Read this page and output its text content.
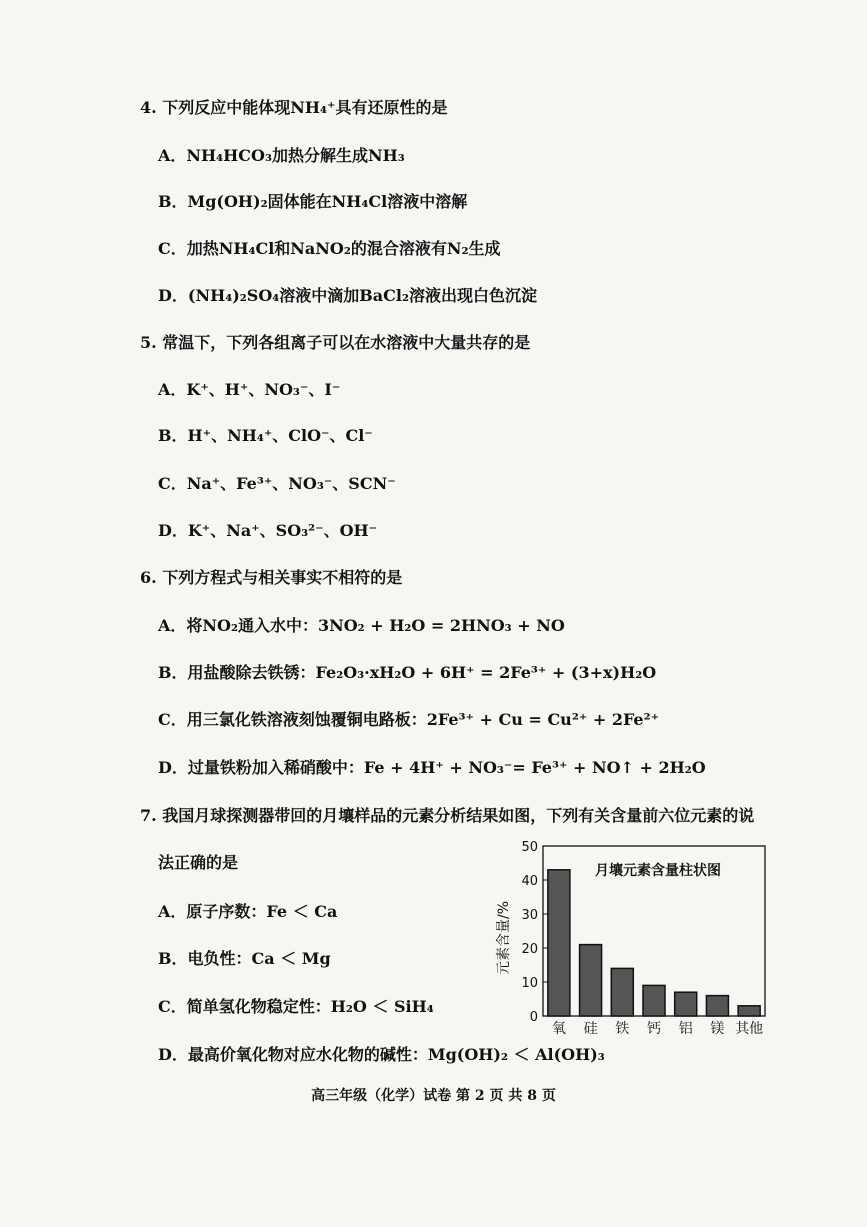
4. 下列反应中能体现NH₄⁺具有还原性的是
A．NH₄HCO₃加热分解生成NH₃
B．Mg(OH)₂固体能在NH₄Cl溶液中溶解
C．加热NH₄Cl和NaNO₂的混合溶液有N₂生成
D．(NH₄)₂SO₄溶液中滴加BaCl₂溶液出现白色沉淀
5. 常温下，下列各组离子可以在水溶液中大量共存的是
A．K⁺、H⁺、NO₃⁻、I⁻
B．H⁺、NH₄⁺、ClO⁻、Cl⁻
C．Na⁺、Fe³⁺、NO₃⁻、SCN⁻
D．K⁺、Na⁺、SO₃²⁻、OH⁻
6. 下列方程式与相关事实不相符的是
A．将NO₂通入水中：3NO₂ + H₂O = 2HNO₃ + NO
B．用盐酸除去铁锈：Fe₂O₃·xH₂O + 6H⁺ = 2Fe³⁺ + (3+x)H₂O
C．用三氯化铁溶液刻蚀覆铜电路板：2Fe³⁺ + Cu = Cu²⁺ + 2Fe²⁺
D．过量铁粉加入稀硝酸中：Fe + 4H⁺ + NO₃⁻= Fe³⁺ + NO↑ + 2H₂O
7. 我国月球探测器带回的月壤样品的元素分析结果如图，下列有关含量前六位元素的说
法正确的是
A．原子序数：Fe ＜ Ca
B．电负性：Ca ＜ Mg
C．简单氢化物稳定性：H₂O ＜ SiH₄
D．最高价氧化物对应水化物的碱性：Mg(OH)₂ ＜ Al(OH)₃
元素含量/%
月壤元素含量柱状图
0
10
20
30
40
50
氧 硅 铁 钙 铝 镁 其他
高三年级（化学）试卷 第 2 页 共 8 页
